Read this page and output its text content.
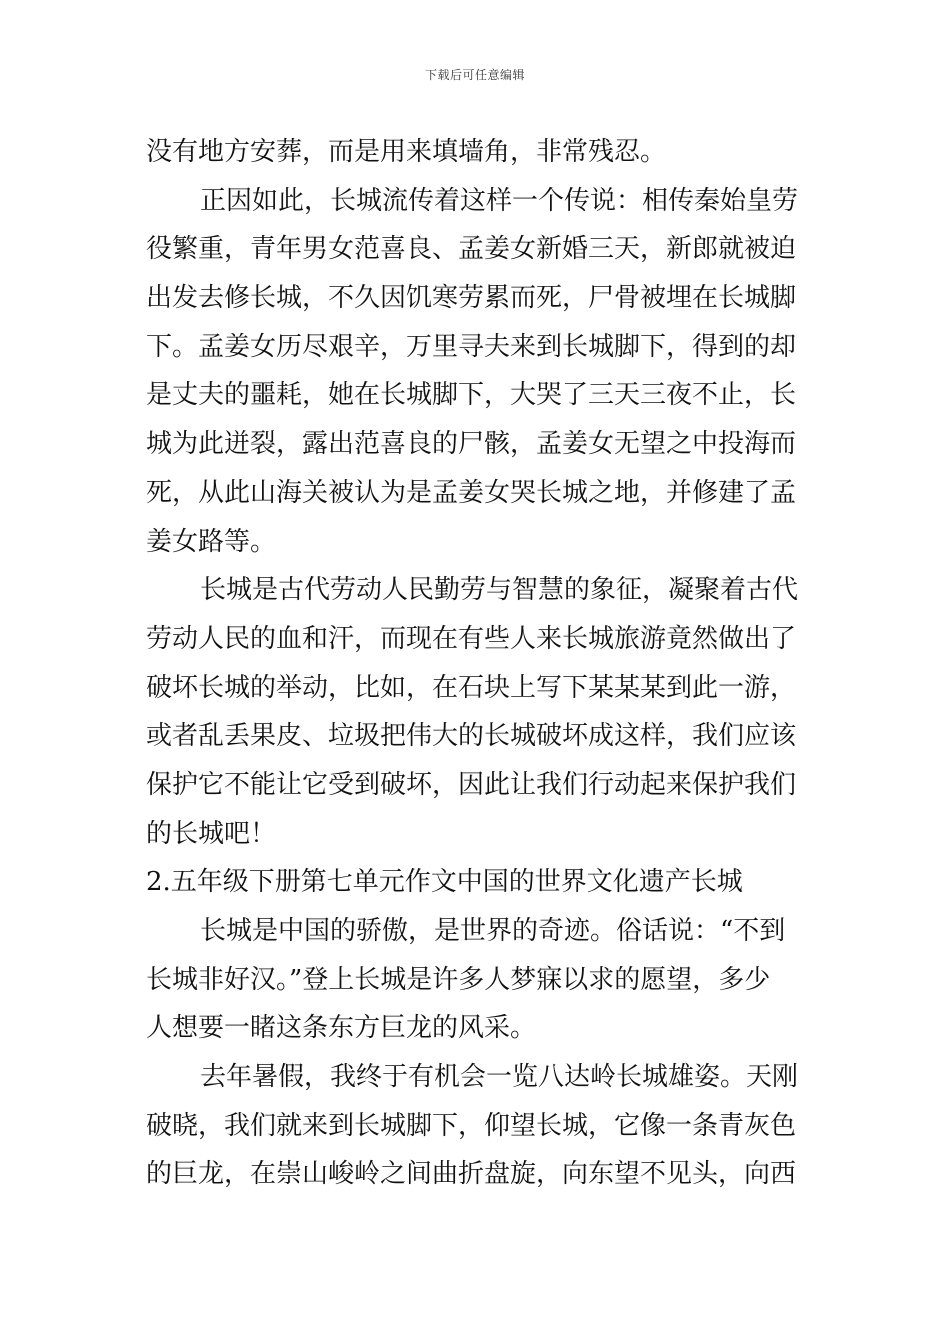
下载后可任意编辑
没有地方安葬，而是用来填墙角，非常残忍。
正因如此，长城流传着这样一个传说：相传秦始皇劳
役繁重，青年男女范喜良、孟姜女新婚三天，新郎就被迫
出发去修长城，不久因饥寒劳累而死，尸骨被埋在长城脚
下。孟姜女历尽艰辛，万里寻夫来到长城脚下，得到的却
是丈夫的噩耗，她在长城脚下，大哭了三天三夜不止，长
城为此迸裂，露出范喜良的尸骸，孟姜女无望之中投海而
死，从此山海关被认为是孟姜女哭长城之地，并修建了孟
姜女路等。
长城是古代劳动人民勤劳与智慧的象征，凝聚着古代
劳动人民的血和汗，而现在有些人来长城旅游竟然做出了
破坏长城的举动，比如，在石块上写下某某某到此一游，
或者乱丢果皮、垃圾把伟大的长城破坏成这样，我们应该
保护它不能让它受到破坏，因此让我们行动起来保护我们
的长城吧！
2.五年级下册第七单元作文中国的世界文化遗产长城
长城是中国的骄傲，是世界的奇迹。俗话说：“不到
长城非好汉。”登上长城是许多人梦寐以求的愿望，多少
人想要一睹这条东方巨龙的风采。
去年暑假，我终于有机会一览八达岭长城雄姿。天刚
破晓，我们就来到长城脚下，仰望长城，它像一条青灰色
的巨龙，在崇山峻岭之间曲折盘旋，向东望不见头，向西
